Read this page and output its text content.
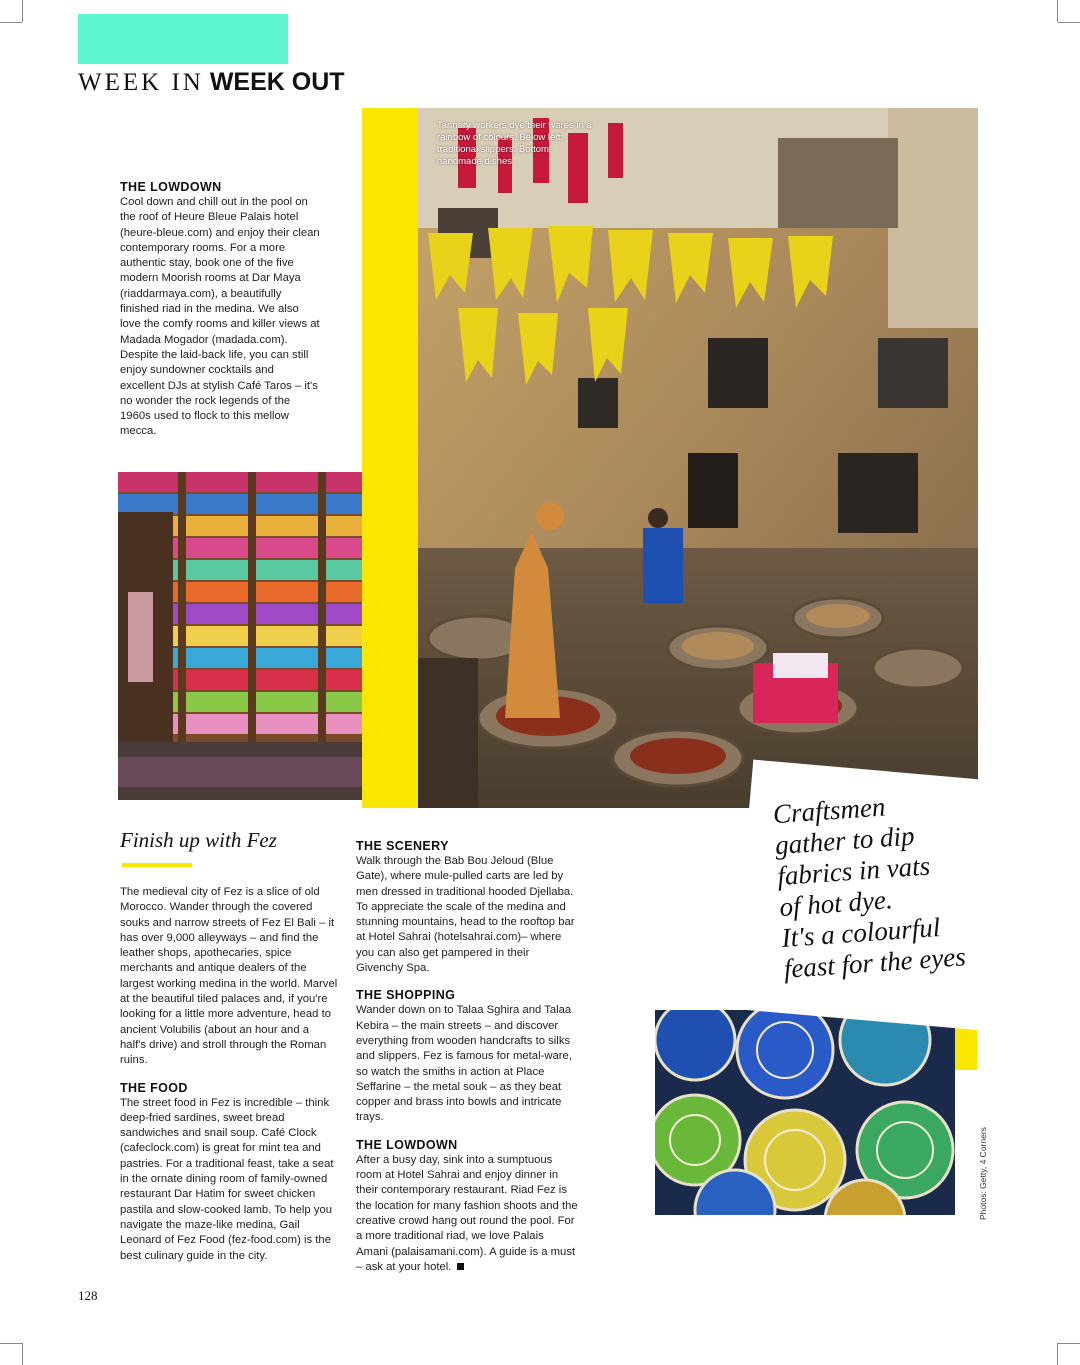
WEEK IN WEEK OUT
Tannery workers dye their wares in a rainbow of colours. Below left: traditional slippers. Bottom: handmade dishes
Craftsmen
gather to dip
fabrics in vats
of hot dye.
It's a colourful
feast for the eyes
THE LOWDOWN

Cool down and chill out in the pool on the roof of Heure Bleue Palais hotel (heure-bleue.com) and enjoy their clean contemporary rooms. For a more authentic stay, book one of the five modern Moorish rooms at Dar Maya (riaddarmaya.com), a beautifully finished riad in the medina. We also love the comfy rooms and killer views at Madada Mogador (madada.com). Despite the laid-back life, you can still enjoy sundowner cocktails and excellent DJs at stylish Café Taros – it's no wonder the rock legends of the 1960s used to flock to this mellow mecca.

Finish up with Fez

The medieval city of Fez is a slice of old Morocco. Wander through the covered souks and narrow streets of Fez El Bali – it has over 9,000 alleyways – and find the leather shops, apothecaries, spice merchants and antique dealers of the largest working medina in the world. Marvel at the beautiful tiled palaces and, if you're looking for a little more adventure, head to ancient Volubilis (about an hour and a half's drive) and stroll through the Roman ruins.

THE FOOD

The street food in Fez is incredible – think deep-fried sardines, sweet bread sandwiches and snail soup. Café Clock (cafeclock.com) is great for mint tea and pastries. For a traditional feast, take a seat in the ornate dining room of family-owned restaurant Dar Hatim for sweet chicken pastila and slow-cooked lamb. To help you navigate the maze-like medina, Gail Leonard of Fez Food (fez-food.com) is the best culinary guide in the city.

THE SCENERY

Walk through the Bab Bou Jeloud (Blue Gate), where mule-pulled carts are led by men dressed in traditional hooded Djellaba. To appreciate the scale of the medina and stunning mountains, head to the rooftop bar at Hotel Sahrai (hotelsahrai.com)– where you can also get pampered in their Givenchy Spa.

THE SHOPPING

Wander down on to Talaa Sghira and Talaa Kebira – the main streets – and discover everything from wooden handcrafts to silks and slippers. Fez is famous for metal-ware, so watch the smiths in action at Place Seffarine – the metal souk – as they beat copper and brass into bowls and intricate trays.

THE LOWDOWN

After a busy day, sink into a sumptuous room at Hotel Sahrai and enjoy dinner in their contemporary restaurant. Riad Fez is the location for many fashion shoots and the creative crowd hang out round the pool. For a more traditional riad, we love Palais Amani (palaisamani.com). A guide is a must – ask at your hotel.

Photos: Getty, 4 Corners
128
